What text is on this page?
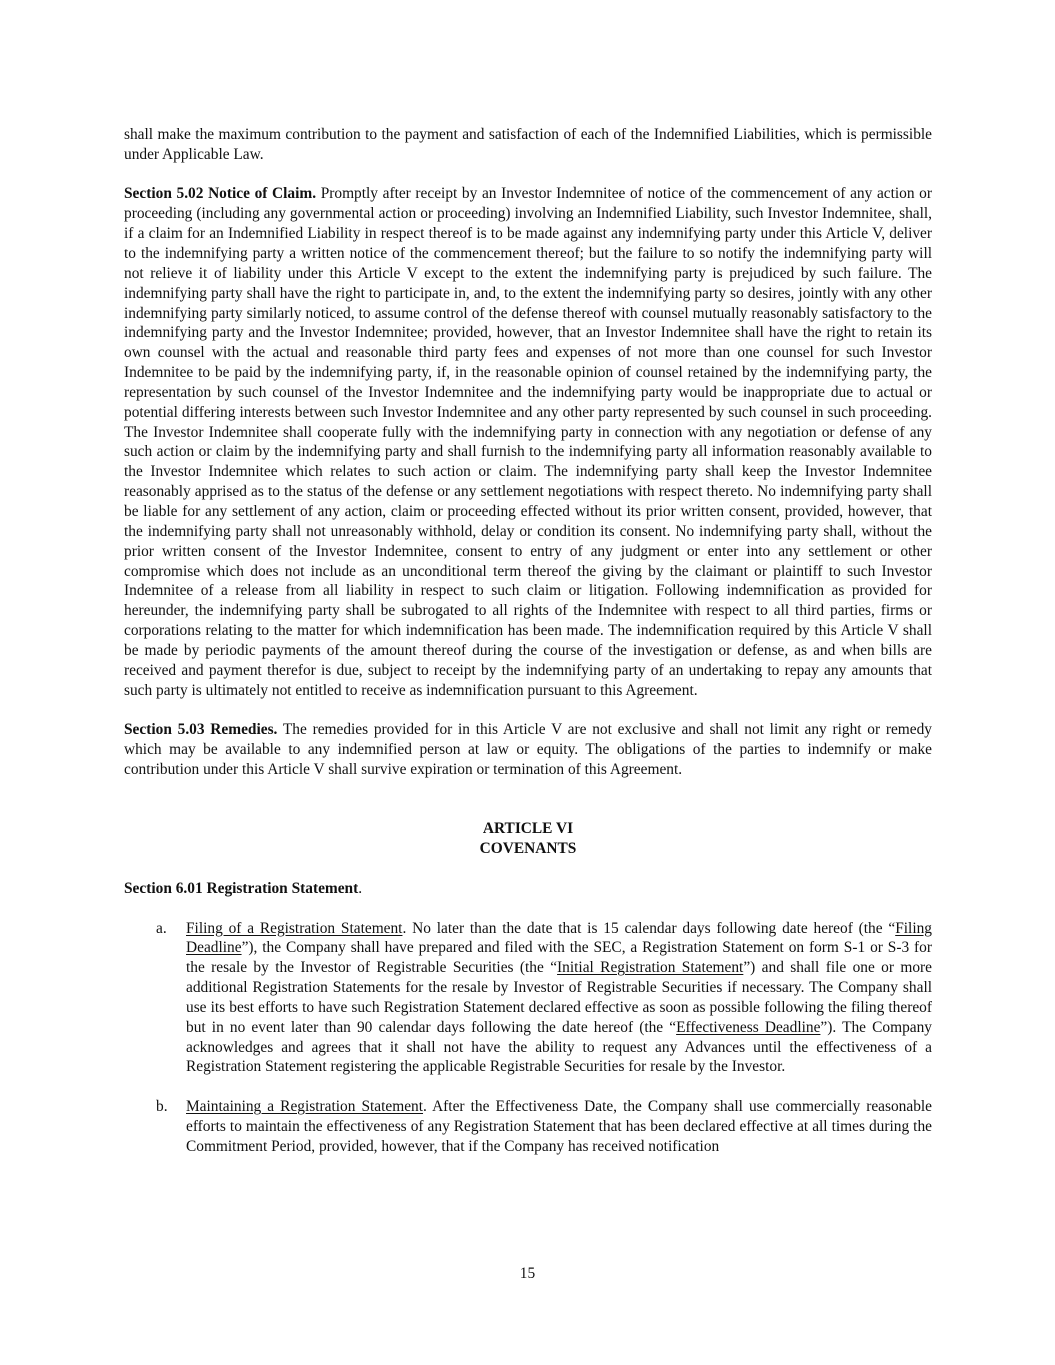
shall make the maximum contribution to the payment and satisfaction of each of the Indemnified Liabilities, which is permissible under Applicable Law.

Section 5.02 Notice of Claim. Promptly after receipt by an Investor Indemnitee of notice of the commencement of any action or proceeding (including any governmental action or proceeding) involving an Indemnified Liability, such Investor Indemnitee, shall, if a claim for an Indemnified Liability in respect thereof is to be made against any indemnifying party under this Article V, deliver to the indemnifying party a written notice of the commencement thereof; but the failure to so notify the indemnifying party will not relieve it of liability under this Article V except to the extent the indemnifying party is prejudiced by such failure. The indemnifying party shall have the right to participate in, and, to the extent the indemnifying party so desires, jointly with any other indemnifying party similarly noticed, to assume control of the defense thereof with counsel mutually reasonably satisfactory to the indemnifying party and the Investor Indemnitee; provided, however, that an Investor Indemnitee shall have the right to retain its own counsel with the actual and reasonable third party fees and expenses of not more than one counsel for such Investor Indemnitee to be paid by the indemnifying party, if, in the reasonable opinion of counsel retained by the indemnifying party, the representation by such counsel of the Investor Indemnitee and the indemnifying party would be inappropriate due to actual or potential differing interests between such Investor Indemnitee and any other party represented by such counsel in such proceeding. The Investor Indemnitee shall cooperate fully with the indemnifying party in connection with any negotiation or defense of any such action or claim by the indemnifying party and shall furnish to the indemnifying party all information reasonably available to the Investor Indemnitee which relates to such action or claim. The indemnifying party shall keep the Investor Indemnitee reasonably apprised as to the status of the defense or any settlement negotiations with respect thereto. No indemnifying party shall be liable for any settlement of any action, claim or proceeding effected without its prior written consent, provided, however, that the indemnifying party shall not unreasonably withhold, delay or condition its consent. No indemnifying party shall, without the prior written consent of the Investor Indemnitee, consent to entry of any judgment or enter into any settlement or other compromise which does not include as an unconditional term thereof the giving by the claimant or plaintiff to such Investor Indemnitee of a release from all liability in respect to such claim or litigation. Following indemnification as provided for hereunder, the indemnifying party shall be subrogated to all rights of the Indemnitee with respect to all third parties, firms or corporations relating to the matter for which indemnification has been made. The indemnification required by this Article V shall be made by periodic payments of the amount thereof during the course of the investigation or defense, as and when bills are received and payment therefor is due, subject to receipt by the indemnifying party of an undertaking to repay any amounts that such party is ultimately not entitled to receive as indemnification pursuant to this Agreement.

Section 5.03 Remedies. The remedies provided for in this Article V are not exclusive and shall not limit any right or remedy which may be available to any indemnified person at law or equity. The obligations of the parties to indemnify or make contribution under this Article V shall survive expiration or termination of this Agreement.

ARTICLE VI
COVENANTS

Section 6.01 Registration Statement.

a.	Filing of a Registration Statement. No later than the date that is 15 calendar days following date hereof (the “Filing Deadline”), the Company shall have prepared and filed with the SEC, a Registration Statement on form S-1 or S-3 for the resale by the Investor of Registrable Securities (the “Initial Registration Statement”) and shall file one or more additional Registration Statements for the resale by Investor of Registrable Securities if necessary. The Company shall use its best efforts to have such Registration Statement declared effective as soon as possible following the filing thereof but in no event later than 90 calendar days following the date hereof (the “Effectiveness Deadline”). The Company acknowledges and agrees that it shall not have the ability to request any Advances until the effectiveness of a Registration Statement registering the applicable Registrable Securities for resale by the Investor.
b.	Maintaining a Registration Statement. After the Effectiveness Date, the Company shall use commercially reasonable efforts to maintain the effectiveness of any Registration Statement that has been declared effective at all times during the Commitment Period, provided, however, that if the Company has received notification
15
